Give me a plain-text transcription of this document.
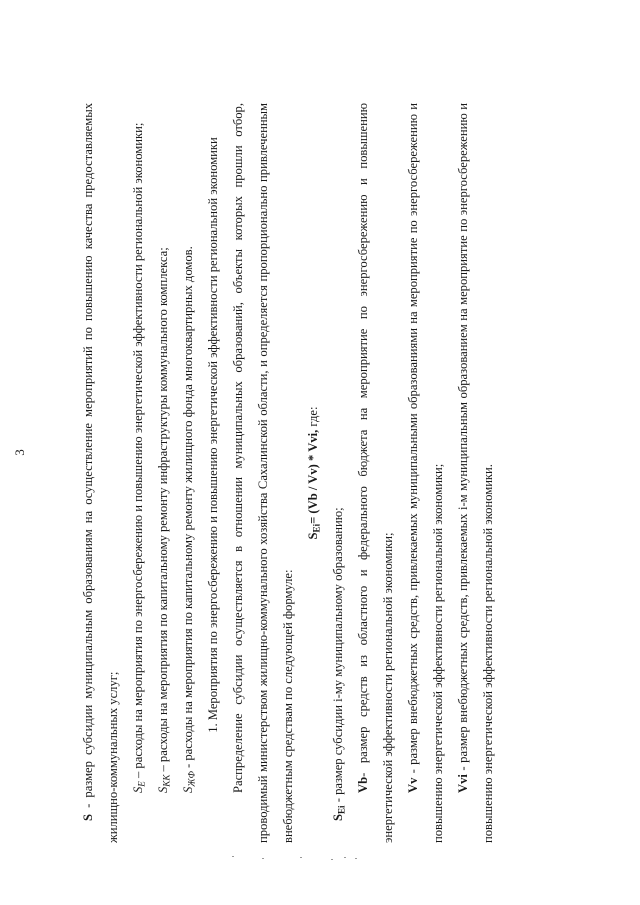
3

S - размер субсидии муниципальным образованиям на осуществление мероприятий по повышению качества предоставляемых жилищно-коммунальных услуг; $S_Е$ – расходы на мероприятия по энергосбережению и повышению энергетической эффективности региональной экономики;

$S_{КК}$ – расходы на мероприятия по капитальному ремонту инфраструктуры коммунального комплекса;

$S_{ЖФ}$ - расходы на мероприятия по капитальному ремонту жилищного фонда многоквартирных домов. 1. Мероприятия по энергосбережению и повышению энергетической эффективности региональной экономики Распределение субсидии осуществляется в отношении муниципальных образований, объекты которых прошли отбор, проводимый министерством жилищно-коммунального хозяйства Сахалинской области, и определяется пропорционально привлеченным внебюджетным средствам по следующей формуле:

$S_{Еi}= (Vb / Vv)$ * Vvi, где:

$S_{Еi}$ - размер субсидии i-му муниципальному образованию; Vb- размер средств из областного и федерального бюджета на мероприятие по энергосбережению и повышению энергетической эффективности региональной экономики; Vv - размер внебюджетных средств, привлекаемых муниципальными образованиями на мероприятие по энергосбережению и повышению энергетической эффективности региональной экономики; Vvi - размер внебюджетных средств, привлекаемых i-м муниципальным образованием на мероприятие по энергосбережению и повышению энергетической эффективности региональной экономики.
